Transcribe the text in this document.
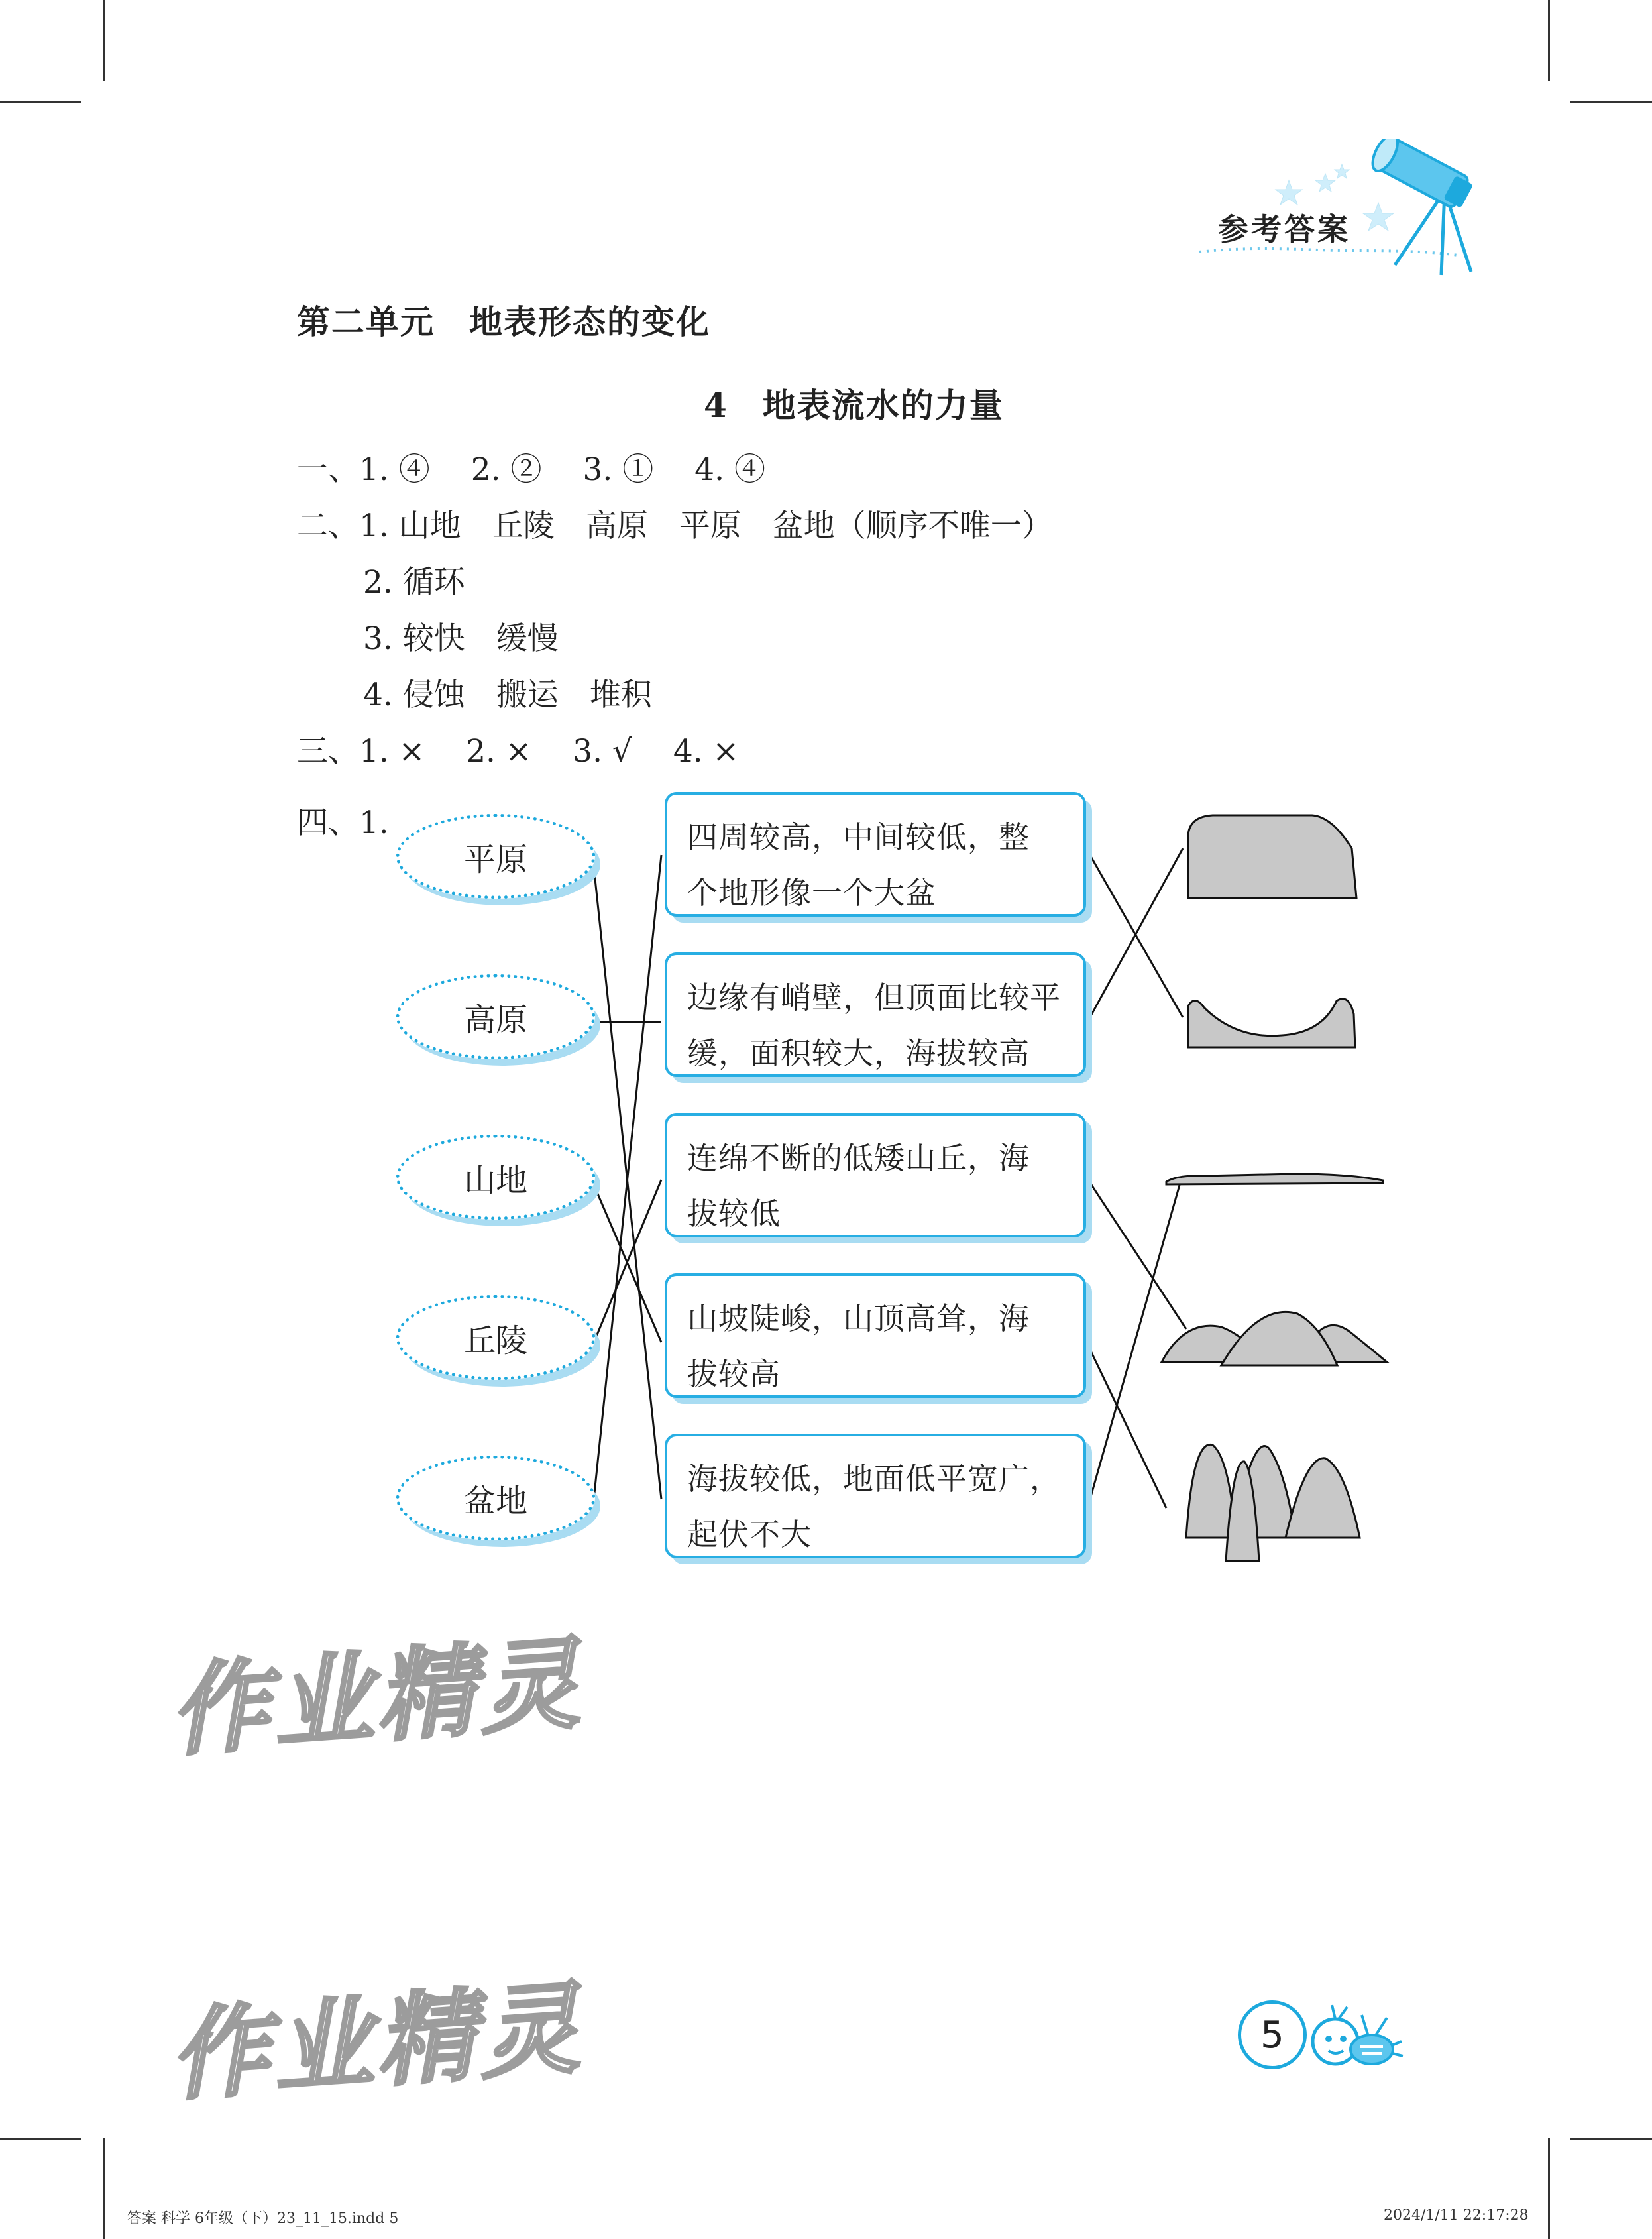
参考答案
第二单元　地表形态的变化
4　地表流水的力量
一、1. ④　 2. ②　 3. ①　 4. ④
二、1. 山地　丘陵　高原　平原　盆地（顺序不唯一）
2. 循环
3. 较快　缓慢
4. 侵蚀　搬运　堆积
三、1. ×　 2. ×　 3. √　 4. ×
四、1.
平原
高原
山地
丘陵
盆地
四周较高，中间较低，整
个地形像一个大盆
边缘有峭壁，但顶面比较平
缓，面积较大，海拔较高
连绵不断的低矮山丘，海
拔较低
山坡陡峻，山顶高耸，海
拔较高
海拔较低，地面低平宽广，
起伏不大
作业精灵
作业精灵	5
答案 科学 6年级（下）23_11_15.indd 5	2024/1/11 22:17:28
